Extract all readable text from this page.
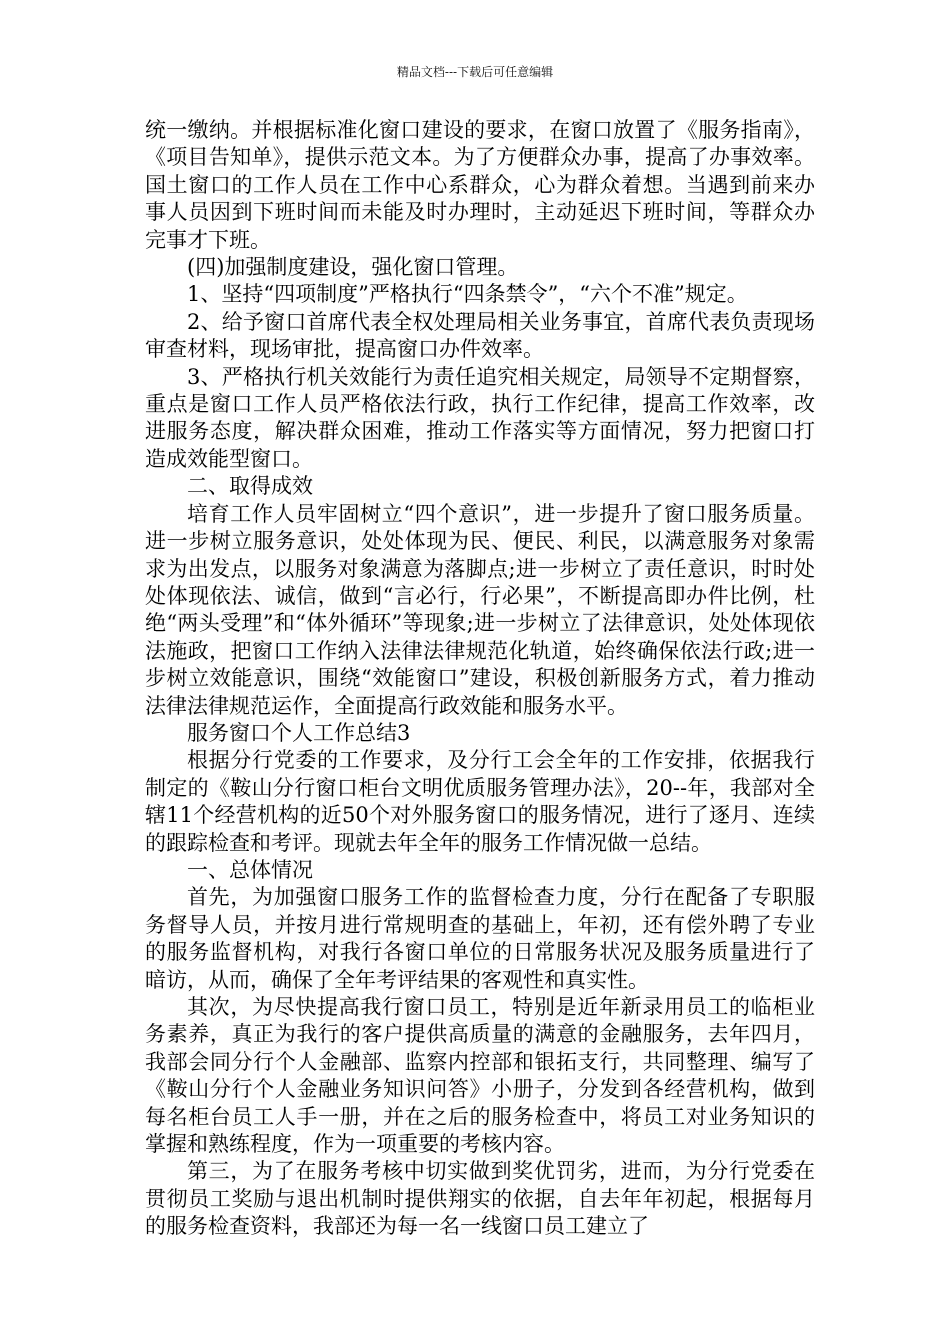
精品文档---下载后可任意编辑

统一缴纳。并根据标准化窗口建设的要求，在窗口放置了《服务指南》，《项目告知单》，提供示范文本。为了方便群众办事，提高了办事效率。国土窗口的工作人员在工作中心系群众，心为群众着想。当遇到前来办事人员因到下班时间而未能及时办理时，主动延迟下班时间，等群众办完事才下班。

(四)加强制度建设，强化窗口管理。

1、坚持“四项制度”严格执行“四条禁令”，“六个不准”规定。

2、给予窗口首席代表全权处理局相关业务事宜，首席代表负责现场审查材料，现场审批，提高窗口办件效率。

3、严格执行机关效能行为责任追究相关规定，局领导不定期督察，重点是窗口工作人员严格依法行政，执行工作纪律，提高工作效率，改进服务态度，解决群众困难，推动工作落实等方面情况，努力把窗口打造成效能型窗口。

二、取得成效

培育工作人员牢固树立“四个意识”，进一步提升了窗口服务质量。进一步树立服务意识，处处体现为民、便民、利民，以满意服务对象需求为出发点，以服务对象满意为落脚点;进一步树立了责任意识，时时处处体现依法、诚信，做到“言必行，行必果”，不断提高即办件比例，杜绝“两头受理”和“体外循环”等现象;进一步树立了法律意识，处处体现依法施政，把窗口工作纳入法律法律规范化轨道，始终确保依法行政;进一步树立效能意识，围绕“效能窗口”建设，积极创新服务方式，着力推动法律法律规范运作，全面提高行政效能和服务水平。

服务窗口个人工作总结3

根据分行党委的工作要求，及分行工会全年的工作安排，依据我行制定的《鞍山分行窗口柜台文明优质服务管理办法》，20--年，我部对全辖11个经营机构的近50个对外服务窗口的服务情况，进行了逐月、连续的跟踪检查和考评。现就去年全年的服务工作情况做一总结。

一、总体情况

首先，为加强窗口服务工作的监督检查力度，分行在配备了专职服务督导人员，并按月进行常规明查的基础上，年初，还有偿外聘了专业的服务监督机构，对我行各窗口单位的日常服务状况及服务质量进行了暗访，从而，确保了全年考评结果的客观性和真实性。

其次，为尽快提高我行窗口员工，特别是近年新录用员工的临柜业务素养，真正为我行的客户提供高质量的满意的金融服务，去年四月，我部会同分行个人金融部、监察内控部和银拓支行，共同整理、编写了《鞍山分行个人金融业务知识问答》小册子，分发到各经营机构，做到每名柜台员工人手一册，并在之后的服务检查中，将员工对业务知识的掌握和熟练程度，作为一项重要的考核内容。

第三，为了在服务考核中切实做到奖优罚劣，进而，为分行党委在贯彻员工奖励与退出机制时提供翔实的依据，自去年年初起，根据每月的服务检查资料，我部还为每一名一线窗口员工建立了
